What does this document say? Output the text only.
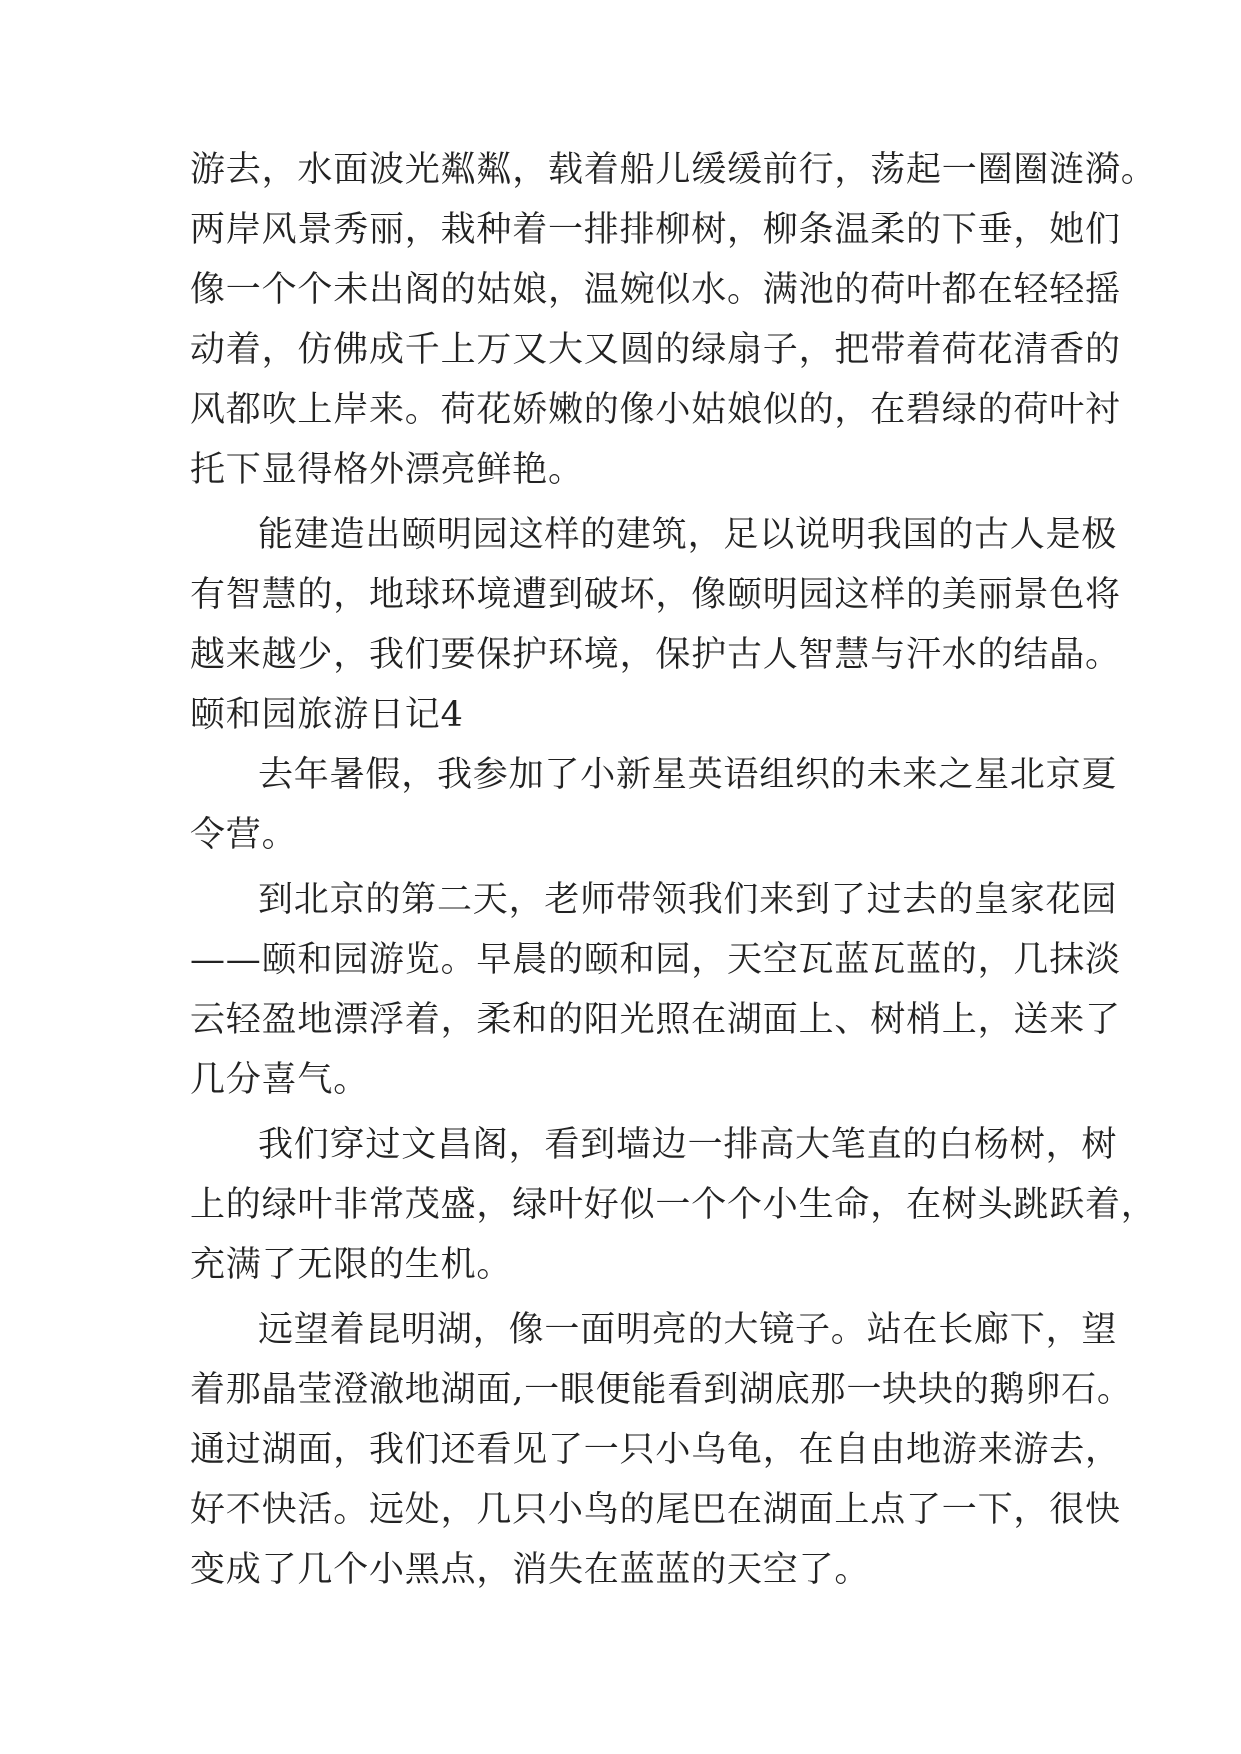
游去，水面波光粼粼，载着船儿缓缓前行，荡起一圈圈涟漪。
两岸风景秀丽，栽种着一排排柳树，柳条温柔的下垂，她们
像一个个未出阁的姑娘，温婉似水。满池的荷叶都在轻轻摇
动着，仿佛成千上万又大又圆的绿扇子，把带着荷花清香的
风都吹上岸来。荷花娇嫩的像小姑娘似的，在碧绿的荷叶衬
托下显得格外漂亮鲜艳。
能建造出颐明园这样的建筑，足以说明我国的古人是极
有智慧的，地球环境遭到破坏，像颐明园这样的美丽景色将
越来越少，我们要保护环境，保护古人智慧与汗水的结晶。
颐和园旅游日记4
去年暑假，我参加了小新星英语组织的未来之星北京夏
令营。
到北京的第二天，老师带领我们来到了过去的皇家花园
——颐和园游览。早晨的颐和园，天空瓦蓝瓦蓝的，几抹淡
云轻盈地漂浮着，柔和的阳光照在湖面上、树梢上，送来了
几分喜气。
我们穿过文昌阁，看到墙边一排高大笔直的白杨树，树
上的绿叶非常茂盛，绿叶好似一个个小生命，在树头跳跃着，
充满了无限的生机。
远望着昆明湖，像一面明亮的大镜子。站在长廊下，望
着那晶莹澄澈地湖面,一眼便能看到湖底那一块块的鹅卵石。
通过湖面，我们还看见了一只小乌龟，在自由地游来游去，
好不快活。远处，几只小鸟的尾巴在湖面上点了一下，很快
变成了几个小黑点，消失在蓝蓝的天空了。
